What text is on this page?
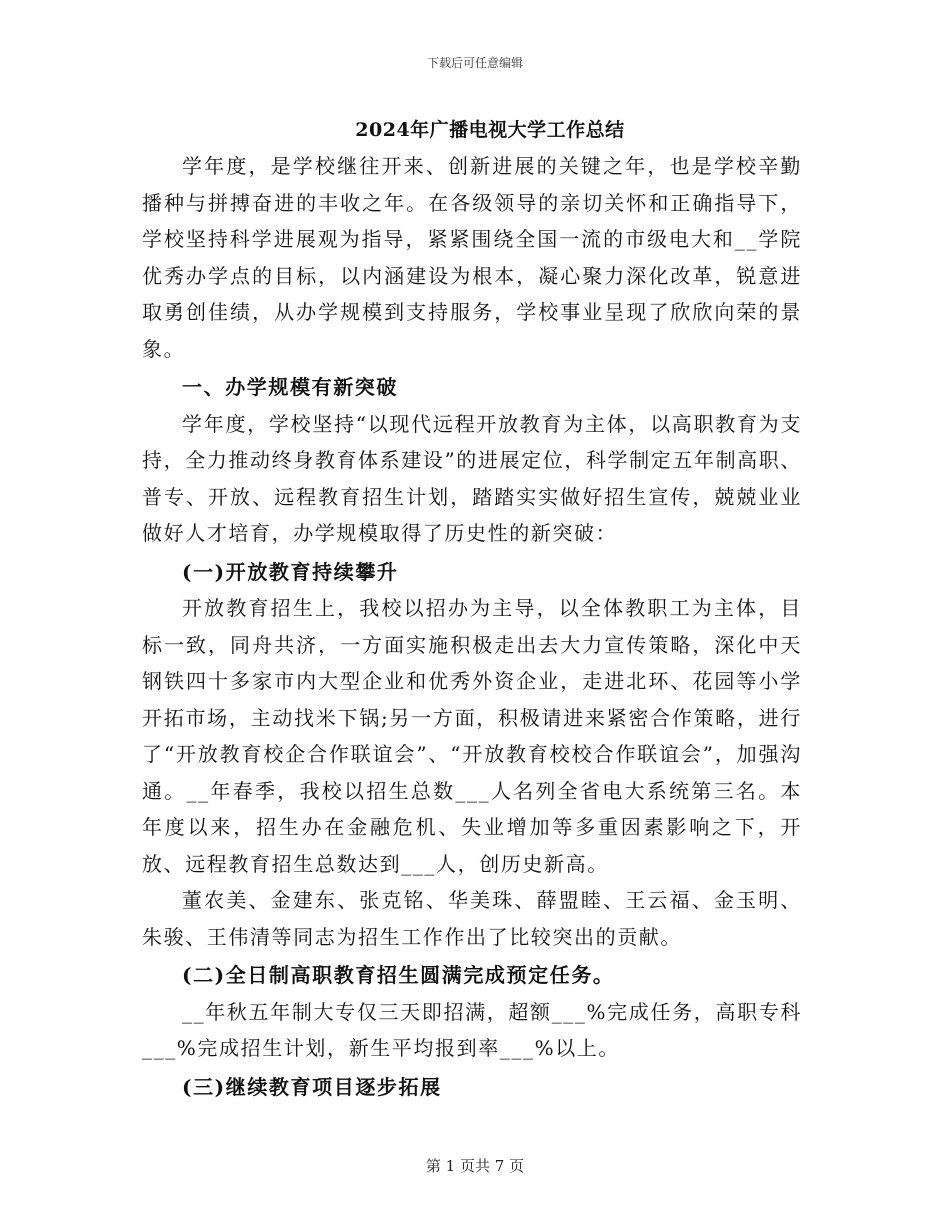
下载后可任意编辑
2024年广播电视大学工作总结

学年度，是学校继往开来、创新进展的关键之年，也是学校辛勤播种与拼搏奋进的丰收之年。在各级领导的亲切关怀和正确指导下，学校坚持科学进展观为指导，紧紧围绕全国一流的市级电大和__学院优秀办学点的目标，以内涵建设为根本，凝心聚力深化改革，锐意进取勇创佳绩，从办学规模到支持服务，学校事业呈现了欣欣向荣的景象。

一、办学规模有新突破

学年度，学校坚持“以现代远程开放教育为主体，以高职教育为支持，全力推动终身教育体系建设”的进展定位，科学制定五年制高职、普专、开放、远程教育招生计划，踏踏实实做好招生宣传，兢兢业业做好人才培育，办学规模取得了历史性的新突破：

(一)开放教育持续攀升

开放教育招生上，我校以招办为主导，以全体教职工为主体，目标一致，同舟共济，一方面实施积极走出去大力宣传策略，深化中天钢铁四十多家市内大型企业和优秀外资企业，走进北环、花园等小学开拓市场，主动找米下锅;另一方面，积极请进来紧密合作策略，进行了“开放教育校企合作联谊会”、“开放教育校校合作联谊会”，加强沟通。__年春季，我校以招生总数___人名列全省电大系统第三名。本年度以来，招生办在金融危机、失业增加等多重因素影响之下，开放、远程教育招生总数达到___人，创历史新高。

董农美、金建东、张克铭、华美珠、薛盟睦、王云福、金玉明、朱骏、王伟清等同志为招生工作作出了比较突出的贡献。

(二)全日制高职教育招生圆满完成预定任务。

__年秋五年制大专仅三天即招满，超额___%完成任务，高职专科___%完成招生计划，新生平均报到率___%以上。

(三)继续教育项目逐步拓展

第 1 页共 7 页
